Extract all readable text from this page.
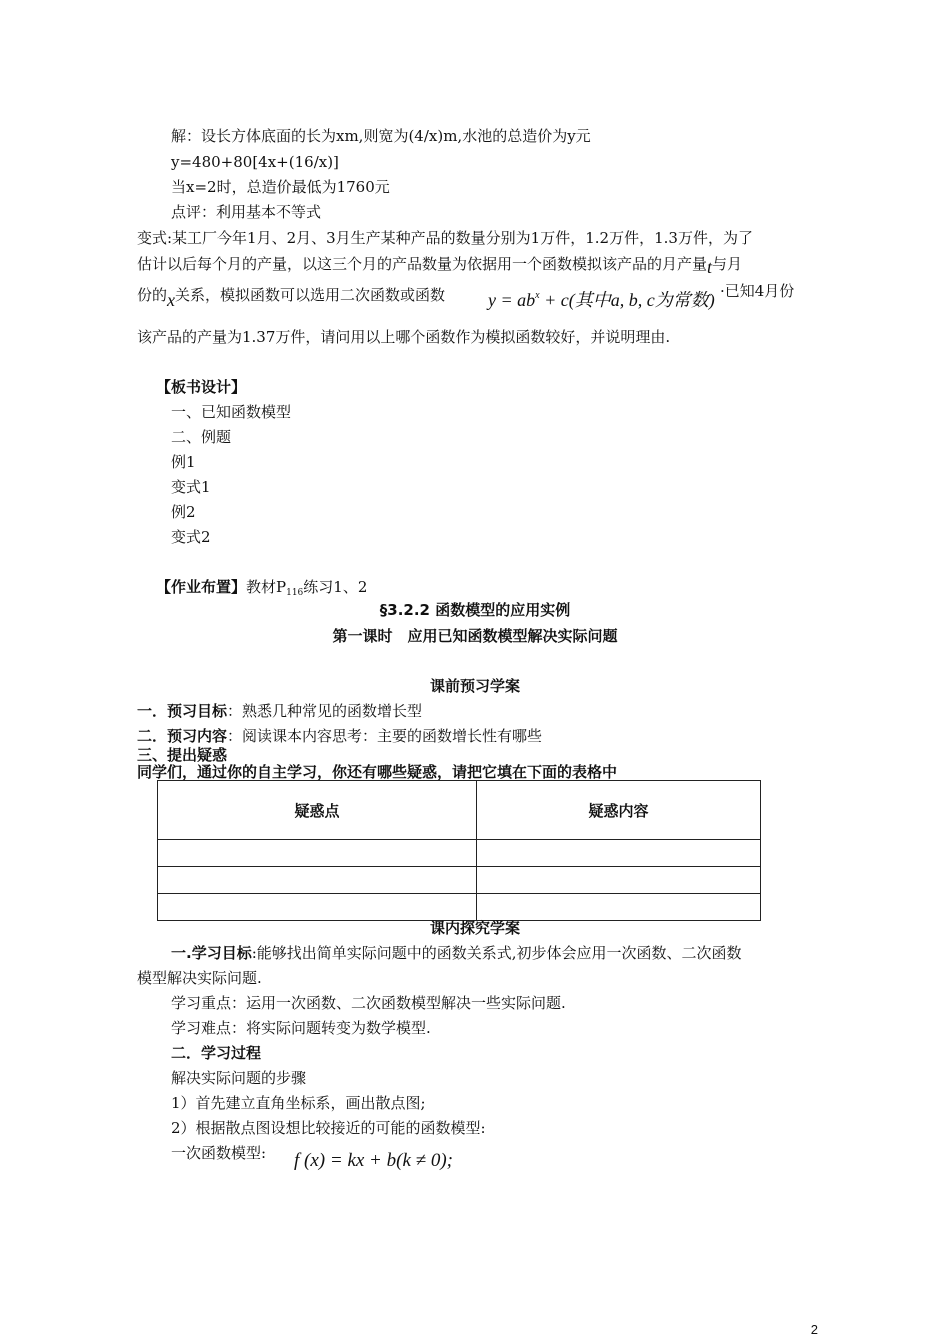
解：设长方体底面的长为xm,则宽为(4/x)m,水池的总造价为y元
y=480+80[4x+(16/x)]
当x=2时，总造价最低为1760元
点评：利用基本不等式
变式:某工厂今年1月、2月、3月生产某种产品的数量分别为1万件，1.2万件，1.3万件，为了
估计以后每个月的产量，以这三个月的产品数量为依据用一个函数模拟该产品的月产量t与月
份的x关系，模拟函数可以选用二次函数或函数 $y = ab^x + c$(其中a, b, c为常数) ·已知4月份
该产品的产量为1.37万件，请问用以上哪个函数作为模拟函数较好，并说明理由.
【板书设计】
一、已知函数模型
二、例题
例1
变式1
例2
变式2
【作业布置】教材$P_{116}$练习1、2
§3.2.2 函数模型的应用实例
第一课时　应用已知函数模型解决实际问题
课前预习学案
一．预习目标：熟悉几种常见的函数增长型
二．预习内容：阅读课本内容思考：主要的函数增长性有哪些
三、提出疑惑
同学们，通过你的自主学习，你还有哪些疑惑，请把它填在下面的表格中
疑惑点	疑惑内容

课内探究学案
一.学习目标:能够找出简单实际问题中的函数关系式,初步体会应用一次函数、二次函数
模型解决实际问题.
学习重点：运用一次函数、二次函数模型解决一些实际问题.
学习难点：将实际问题转变为数学模型.
二．学习过程
解决实际问题的步骤
1）首先建立直角坐标系，画出散点图;
2）根据散点图设想比较接近的可能的函数模型:
一次函数模型: f (x) = kx + b(k ≠ 0);
2
